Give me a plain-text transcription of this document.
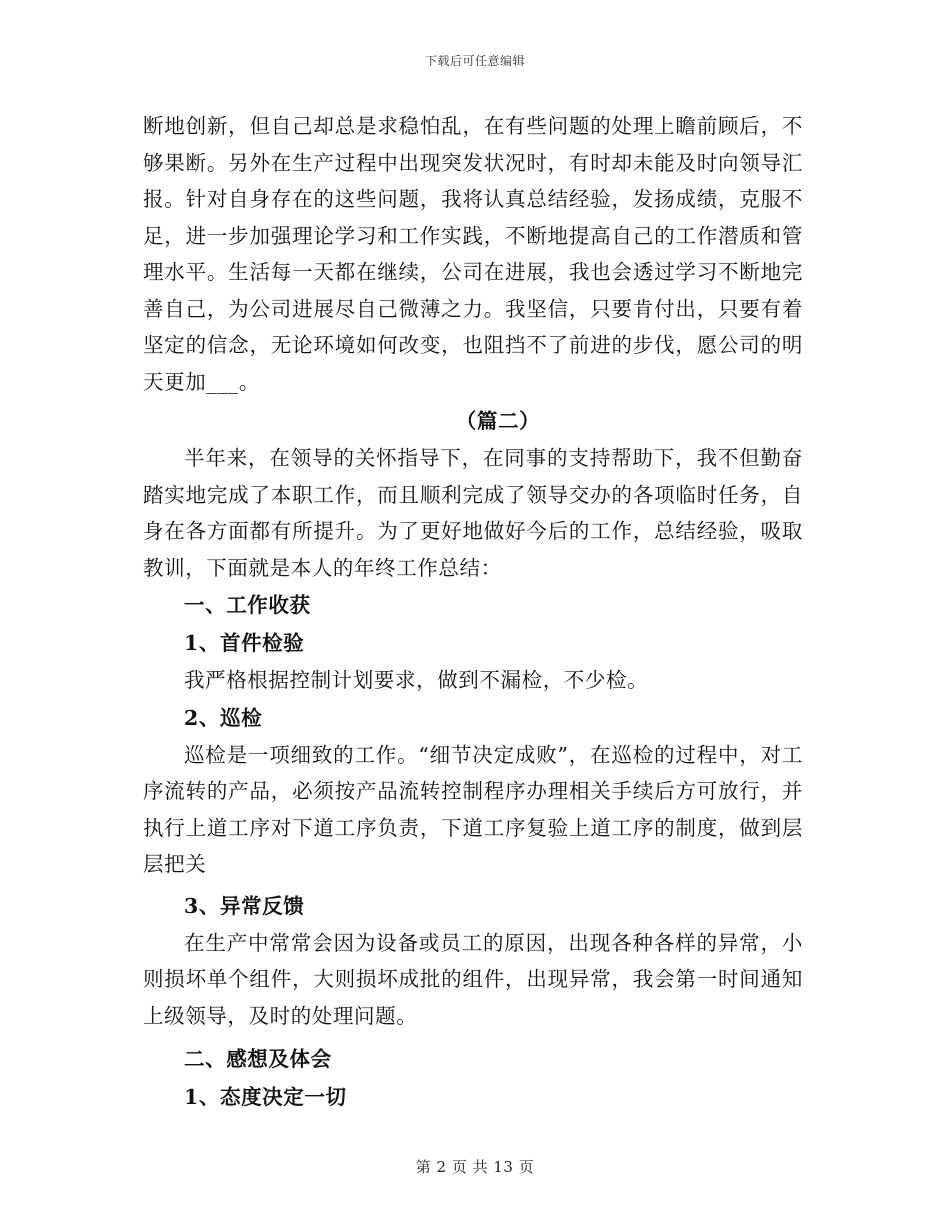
下载后可任意编辑

断地创新，但自己却总是求稳怕乱，在有些问题的处理上瞻前顾后，不够果断。另外在生产过程中出现突发状况时，有时却未能及时向领导汇报。针对自身存在的这些问题，我将认真总结经验，发扬成绩，克服不足，进一步加强理论学习和工作实践，不断地提高自己的工作潜质和管理水平。生活每一天都在继续，公司在进展，我也会透过学习不断地完善自己，为公司进展尽自己微薄之力。我坚信，只要肯付出，只要有着坚定的信念，无论环境如何改变，也阻挡不了前进的步伐，愿公司的明天更加___。

（篇二）

半年来，在领导的关怀指导下，在同事的支持帮助下，我不但勤奋踏实地完成了本职工作，而且顺利完成了领导交办的各项临时任务，自身在各方面都有所提升。为了更好地做好今后的工作，总结经验，吸取教训，下面就是本人的年终工作总结：

一、工作收获

1、首件检验

我严格根据控制计划要求，做到不漏检，不少检。

2、巡检

巡检是一项细致的工作。“细节决定成败”，在巡检的过程中，对工序流转的产品，必须按产品流转控制程序办理相关手续后方可放行，并执行上道工序对下道工序负责，下道工序复验上道工序的制度，做到层层把关

3、异常反馈

在生产中常常会因为设备或员工的原因，出现各种各样的异常，小则损坏单个组件，大则损坏成批的组件，出现异常，我会第一时间通知上级领导，及时的处理问题。

二、感想及体会

1、态度决定一切

第 2 页 共 13 页
